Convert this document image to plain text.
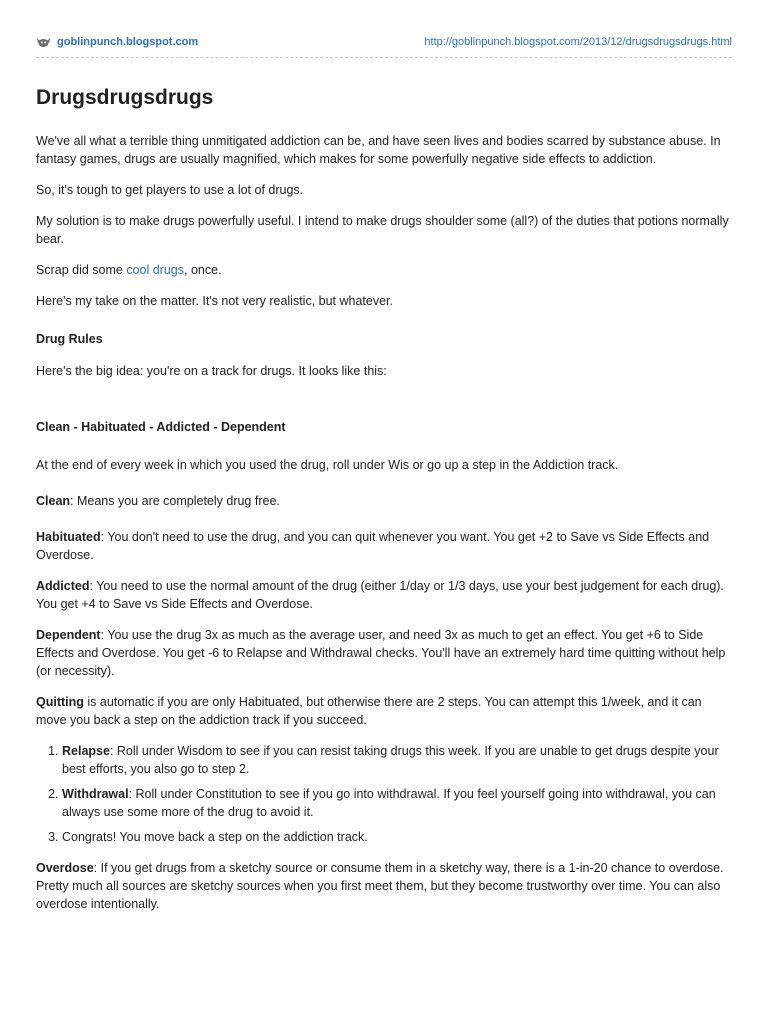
goblinpunch.blogspot.com	http://goblinpunch.blogspot.com/2013/12/drugsdrugsdrugs.html
Drugsdrugsdrugs

We've all what a terrible thing unmitigated addiction can be, and have seen lives and bodies scarred by substance abuse. In fantasy games, drugs are usually magnified, which makes for some powerfully negative side effects to addiction.

So, it's tough to get players to use a lot of drugs.

My solution is to make drugs powerfully useful. I intend to make drugs shoulder some (all?) of the duties that potions normally bear.

Scrap did some cool drugs, once.

Here's my take on the matter. It's not very realistic, but whatever.

Drug Rules

Here's the big idea: you're on a track for drugs. It looks like this:

Clean - Habituated - Addicted - Dependent

At the end of every week in which you used the drug, roll under Wis or go up a step in the Addiction track.

Clean: Means you are completely drug free.

Habituated: You don't need to use the drug, and you can quit whenever you want. You get +2 to Save vs Side Effects and Overdose.

Addicted: You need to use the normal amount of the drug (either 1/day or 1/3 days, use your best judgement for each drug). You get +4 to Save vs Side Effects and Overdose.

Dependent: You use the drug 3x as much as the average user, and need 3x as much to get an effect. You get +6 to Side Effects and Overdose. You get -6 to Relapse and Withdrawal checks. You'll have an extremely hard time quitting without help (or necessity).

Quitting is automatic if you are only Habituated, but otherwise there are 2 steps. You can attempt this 1/week, and it can move you back a step on the addiction track if you succeed.

1. Relapse: Roll under Wisdom to see if you can resist taking drugs this week. If you are unable to get drugs despite your best efforts, you also go to step 2.
2. Withdrawal: Roll under Constitution to see if you go into withdrawal. If you feel yourself going into withdrawal, you can always use some more of the drug to avoid it.
3. Congrats! You move back a step on the addiction track.

Overdose: If you get drugs from a sketchy source or consume them in a sketchy way, there is a 1-in-20 chance to overdose. Pretty much all sources are sketchy sources when you first meet them, but they become trustworthy over time. You can also overdose intentionally.
